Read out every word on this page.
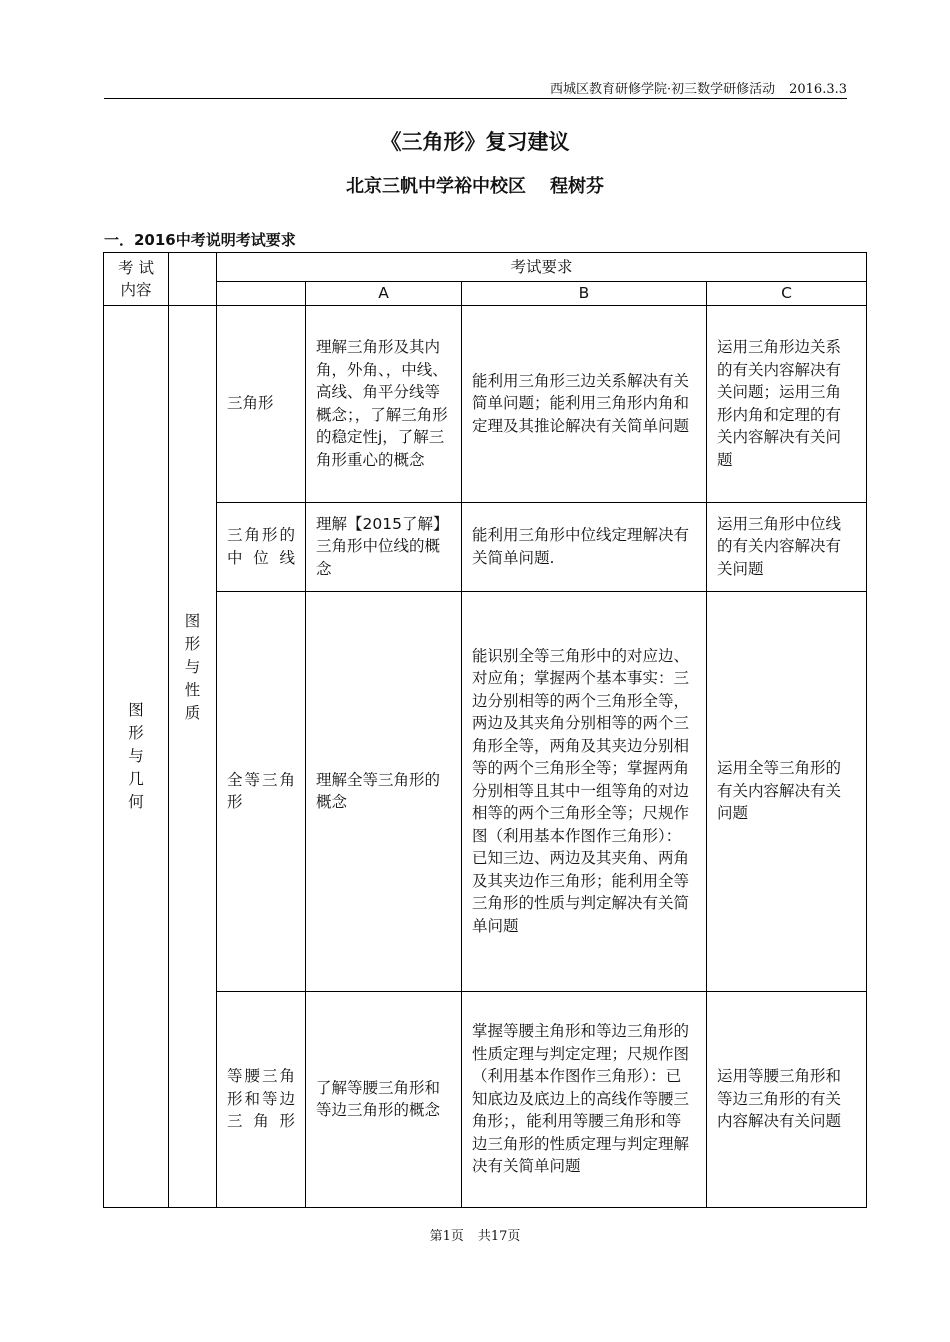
西城区教育研修学院·初三数学研修活动 2016.3.3
《三角形》复习建议
北京三帆中学裕中校区 程树芬
一．2016中考说明考试要求
考 试 内容		考试要求			
			A	B	C

图形与几何	图形与性质	三角形	理解三角形及其内角，外角、，中线、高线、角平分线等概念；，了解三角形的稳定性j，了解三角形重心的概念	能利用三角形三边关系解决有关简单问题；能利用三角形内角和定理及其推论解决有关简单问题	运用三角形边关系的有关内容解决有关问题；运用三角形内角和定理的有关内容解决有关问题
		三角形的中位线	理解【2015了解】三角形中位线的概念	能利用三角形中位线定理解决有关简单问题.	运用三角形中位线的有关内容解决有关问题
		全等三角形	理解全等三角形的概念	能识别全等三角形中的对应边、对应角；掌握两个基本事实：三边分别相等的两个三角形全等，两边及其夹角分别相等的两个三角形全等，两角及其夹边分别相等的两个三角形全等；掌握两角分别相等且其中一组等角的对边相等的两个三角形全等；尺规作图（利用基本作图作三角形）：已知三边、两边及其夹角、两角及其夹边作三角形；能利用全等三角形的性质与判定解决有关简单问题	运用全等三角形的有关内容解决有关问题
		等腰三角形和等边三角形	了解等腰三角形和等边三角形的概念	掌握等腰主角形和等边三角形的性质定理与判定定理；尺规作图（利用基本作图作三角形）：已知底边及底边上的高线作等腰三角形；，能利用等腰三角形和等边三角形的性质定理与判定理解决有关简单问题	运用等腰三角形和等边三角形的有关内容解决有关问题
第1页 共17页
